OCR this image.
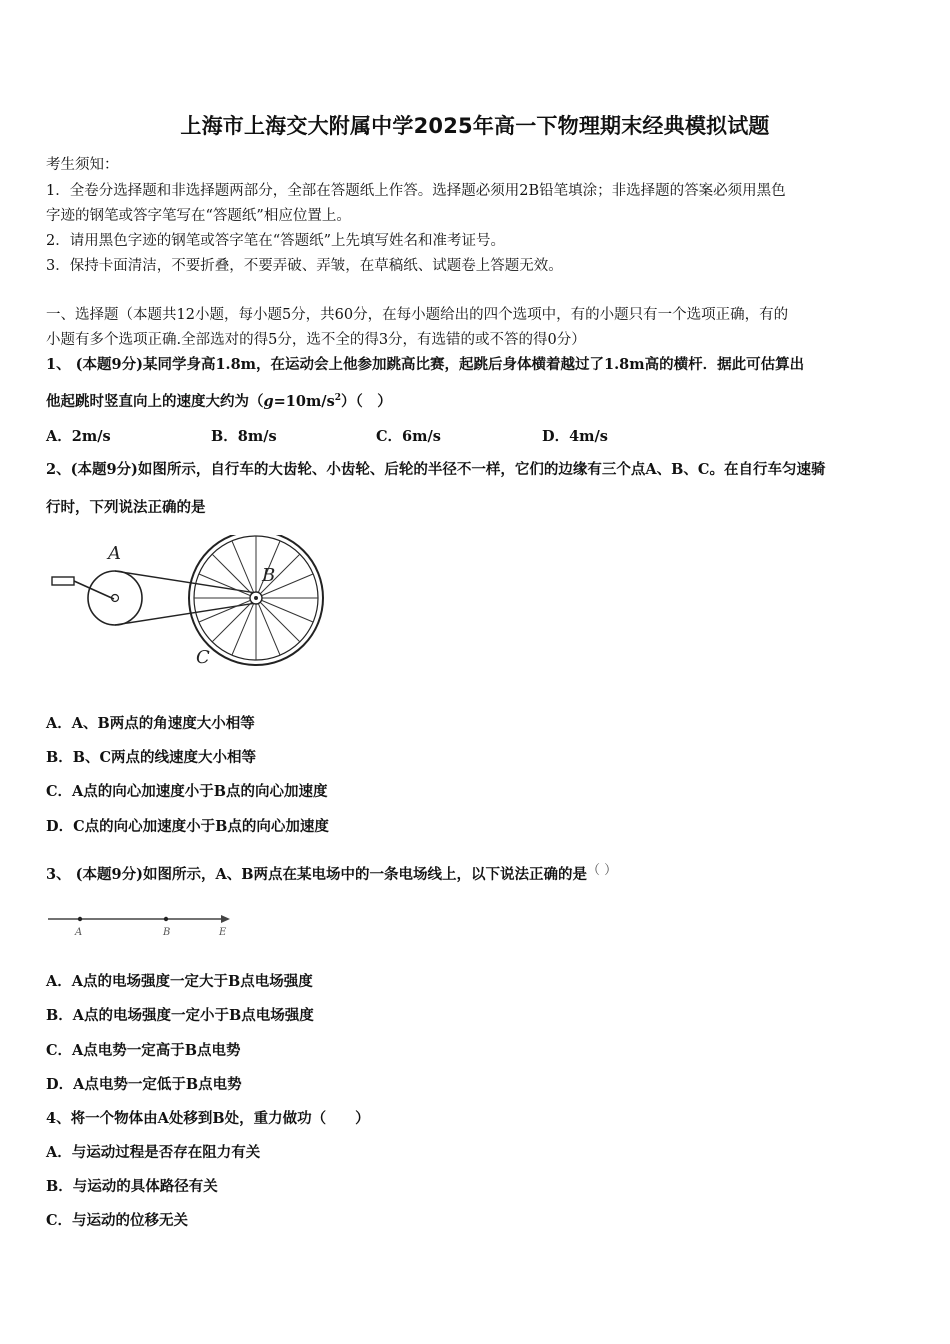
上海市上海交大附属中学2025年高一下物理期末经典模拟试题
考生须知：
1．全卷分选择题和非选择题两部分，全部在答题纸上作答。选择题必须用2B铅笔填涂；非选择题的答案必须用黑色
字迹的钢笔或答字笔写在“答题纸”相应位置上。
2．请用黑色字迹的钢笔或答字笔在“答题纸”上先填写姓名和准考证号。
3．保持卡面清洁，不要折叠，不要弄破、弄皱，在草稿纸、试题卷上答题无效。
一、选择题（本题共12小题，每小题5分，共60分，在每小题给出的四个选项中，有的小题只有一个选项正确，有的
小题有多个选项正确.全部选对的得5分，选不全的得3分，有选错的或不答的得0分）
1、 (本题9分)某同学身高1.8m，在运动会上他参加跳高比赛，起跳后身体横着越过了1.8m高的横杆．据此可估算出
他起跳时竖直向上的速度大约为$(g=10m/s^2)$（　）
A．2m/s	B．8m/s	C．6m/s	D．4m/s
2、(本题9分)如图所示，自行车的大齿轮、小齿轮、后轮的半径不一样，它们的边缘有三个点A、B、C。在自行车匀速骑
行时，下列说法正确的是
A
B
C
A．A、B两点的角速度大小相等
B．B、C两点的线速度大小相等
C．A点的向心加速度小于B点的向心加速度
D．C点的向心加速度小于B点的向心加速度
3、 (本题9分)如图所示，A、B两点在某电场中的一条电场线上，以下说法正确的是（ ）
A	B	E
A．A点的电场强度一定大于B点电场强度
B．A点的电场强度一定小于B点电场强度
C．A点电势一定高于B点电势
D．A点电势一定低于B点电势
4、将一个物体由A处移到B处，重力做功（　　）
A．与运动过程是否存在阻力有关
B．与运动的具体路径有关
C．与运动的位移无关
